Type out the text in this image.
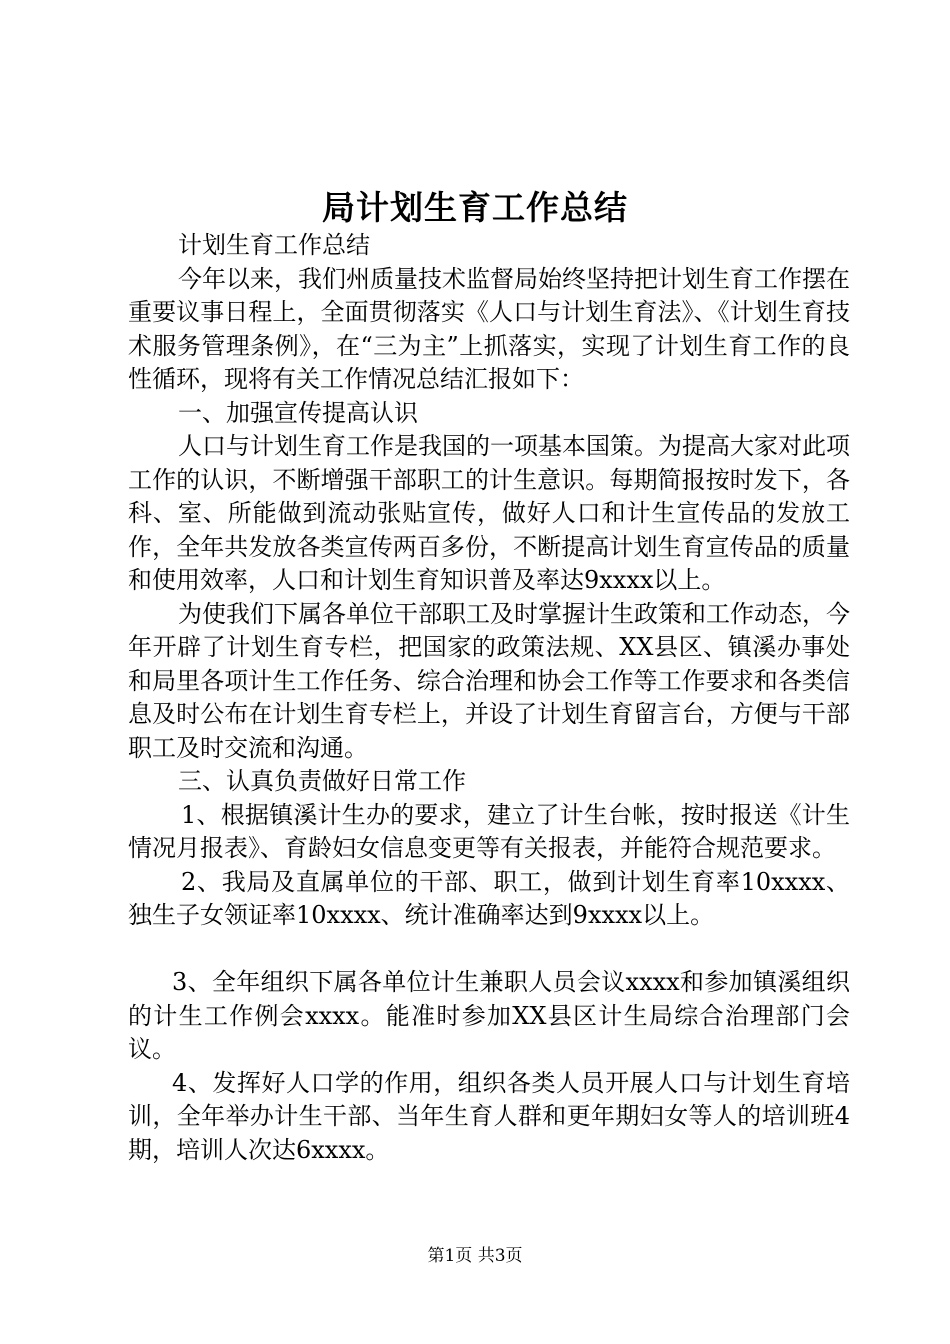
局计划生育工作总结

计划生育工作总结

今年以来，我们州质量技术监督局始终坚持把计划生育工作摆在重要议事日程上，全面贯彻落实《人口与计划生育法》、《计划生育技术服务管理条例》，在“三为主”上抓落实，实现了计划生育工作的良性循环，现将有关工作情况总结汇报如下：

一、加强宣传提高认识

人口与计划生育工作是我国的一项基本国策。为提高大家对此项工作的认识，不断增强干部职工的计生意识。每期简报按时发下，各科、室、所能做到流动张贴宣传，做好人口和计生宣传品的发放工作，全年共发放各类宣传两百多份，不断提高计划生育宣传品的质量和使用效率，人口和计划生育知识普及率达9xxxx以上。

为使我们下属各单位干部职工及时掌握计生政策和工作动态，今年开辟了计划生育专栏，把国家的政策法规、XX县区、镇溪办事处和局里各项计生工作任务、综合治理和协会工作等工作要求和各类信息及时公布在计划生育专栏上，并设了计划生育留言台，方便与干部职工及时交流和沟通。

三、认真负责做好日常工作

1、根据镇溪计生办的要求，建立了计生台帐，按时报送《计生情况月报表》、育龄妇女信息变更等有关报表，并能符合规范要求。

2、我局及直属单位的干部、职工，做到计划生育率10xxxx、独生子女领证率10xxxx、统计准确率达到9xxxx以上。

3、全年组织下属各单位计生兼职人员会议xxxx和参加镇溪组织的计生工作例会xxxx。能准时参加XX县区计生局综合治理部门会议。

4、发挥好人口学的作用，组织各类人员开展人口与计划生育培训，全年举办计生干部、当年生育人群和更年期妇女等人的培训班4期，培训人次达6xxxx。

第1页 共3页
